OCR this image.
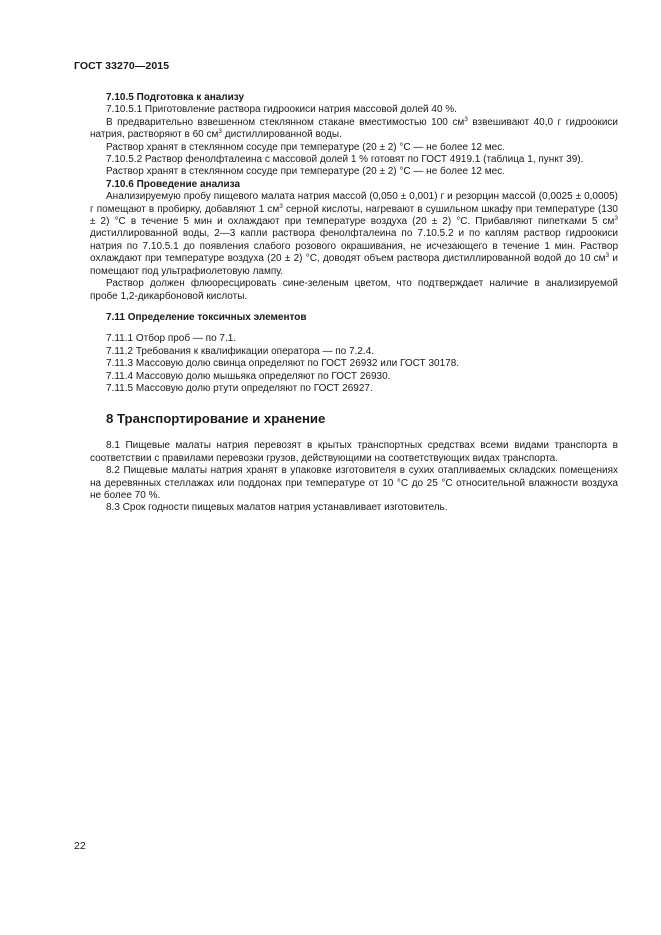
ГОСТ 33270—2015

7.10.5 Подготовка к анализу

7.10.5.1 Приготовление раствора гидроокиси натрия массовой долей 40 %.

В предварительно взвешенном стеклянном стакане вместимостью 100 $см^3$ взвешивают 40,0 г гидроокиси натрия, растворяют в 60 $см^3$ дистиллированной воды.

Раствор хранят в стеклянном сосуде при температуре (20 ± 2) °С — не более 12 мес.

7.10.5.2 Раствор фенолфталеина с массовой долей 1 % готовят по ГОСТ 4919.1 (таблица 1, пункт 39).

Раствор хранят в стеклянном сосуде при температуре (20 ± 2) °С — не более 12 мес.

7.10.6 Проведение анализа

Анализируемую пробу пищевого малата натрия массой (0,050 ± 0,001) г и резорцин массой (0,0025 ± 0,0005) г помещают в пробирку, добавляют 1 $см^3$ серной кислоты, нагревают в сушильном шкафу при температуре (130 ± 2) °С в течение 5 мин и охлаждают при температуре воздуха (20 ± 2) °С. Прибавляют пипетками 5 $см^3$ дистиллированной воды, 2—3 капли раствора фенолфталеина по 7.10.5.2 и по каплям раствор гидроокиси натрия по 7.10.5.1 до появления слабого розового окрашивания, не исчезающего в течение 1 мин. Раствор охлаждают при температуре воздуха (20 ± 2) °С, доводят объем раствора дистиллированной водой до 10 $см^3$ и помещают под ультрафиолетовую лампу.

Раствор должен флюоресцировать сине-зеленым цветом, что подтверждает наличие в анализируемой пробе 1,2-дикарбоновой кислоты.

7.11 Определение токсичных элементов

7.11.1 Отбор проб — по 7.1.

7.11.2 Требования к квалификации оператора — по 7.2.4.

7.11.3 Массовую долю свинца определяют по ГОСТ 26932 или ГОСТ 30178.

7.11.4 Массовую долю мышьяка определяют по ГОСТ 26930.

7.11.5 Массовую долю ртути определяют по ГОСТ 26927.

8 Транспортирование и хранение

8.1 Пищевые малаты натрия перевозят в крытых транспортных средствах всеми видами транспорта в соответствии с правилами перевозки грузов, действующими на соответствующих видах транспорта.

8.2 Пищевые малаты натрия хранят в упаковке изготовителя в сухих отапливаемых складских помещениях на деревянных стеллажах или поддонах при температуре от 10 °С до 25 °С относительной влажности воздуха не более 70 %.

8.3 Срок годности пищевых малатов натрия устанавливает изготовитель.

22
